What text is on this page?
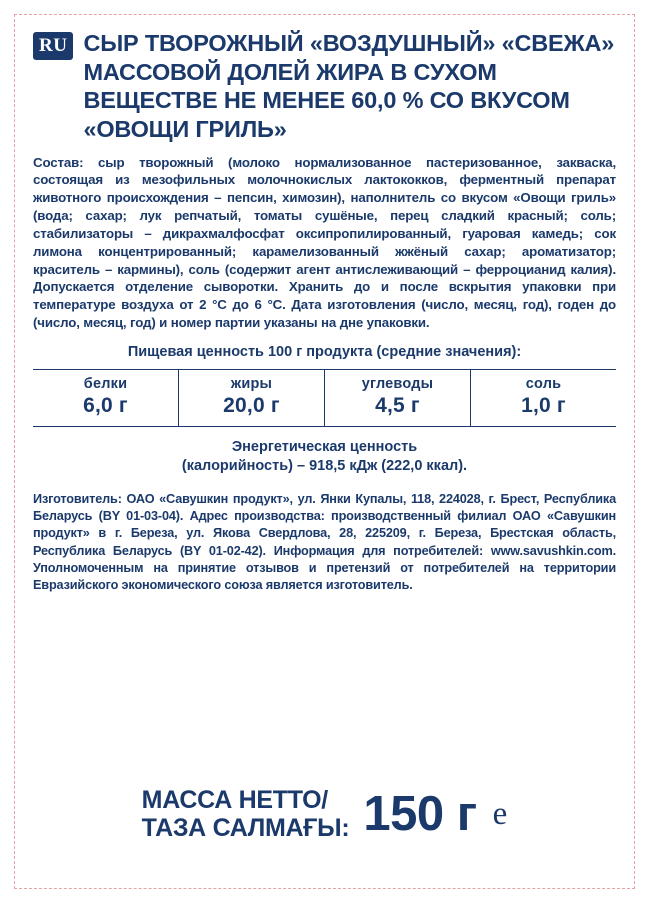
RU СЫР ТВОРОЖНЫЙ «ВОЗДУШНЫЙ» «СВЕЖА» МАССОВОЙ ДОЛЕЙ ЖИРА В СУХОМ ВЕЩЕСТВЕ НЕ МЕНЕЕ 60,0 % СО ВКУСОМ «ОВОЩИ ГРИЛЬ»
Состав: сыр творожный (молоко нормализованное пастеризованное, закваска, состоящая из мезофильных молочнокислых лактококков, ферментный препарат животного происхождения – пепсин, химозин), наполнитель со вкусом «Овощи гриль» (вода; сахар; лук репчатый, томаты сушёные, перец сладкий красный; соль; стабилизаторы – дикрахмалфосфат оксипропилированный, гуаровая камедь; сок лимона концентрированный; карамелизованный жжёный сахар; ароматизатор; краситель – кармины), соль (содержит агент антислеживающий – ферроцианид калия). Допускается отделение сыворотки. Хранить до и после вскрытия упаковки при температуре воздуха от 2 °С до 6 °С. Дата изготовления (число, месяц, год), годен до (число, месяц, год) и номер партии указаны на дне упаковки.
Пищевая ценность 100 г продукта (средние значения):
белки
6,0 г
жиры
20,0 г
углеводы
4,5 г
соль
1,0 г
Энергетическая ценность
(калорийность) – 918,5 кДж (222,0 ккал).
Изготовитель: ОАО «Савушкин продукт», ул. Янки Купалы, 118, 224028, г. Брест, Республика Беларусь (BY 01-03-04). Адрес производства: производственный филиал ОАО «Савушкин продукт» в г. Береза, ул. Якова Свердлова, 28, 225209, г. Береза, Брестская область, Республика Беларусь (BY 01-02-42). Информация для потребителей: www.savushkin.com. Уполномоченным на принятие отзывов и претензий от потребителей на территории Евразийского экономического союза является изготовитель.
МАССА НЕТТО/
ТАЗА САЛМАҒЫ: 150 г e
